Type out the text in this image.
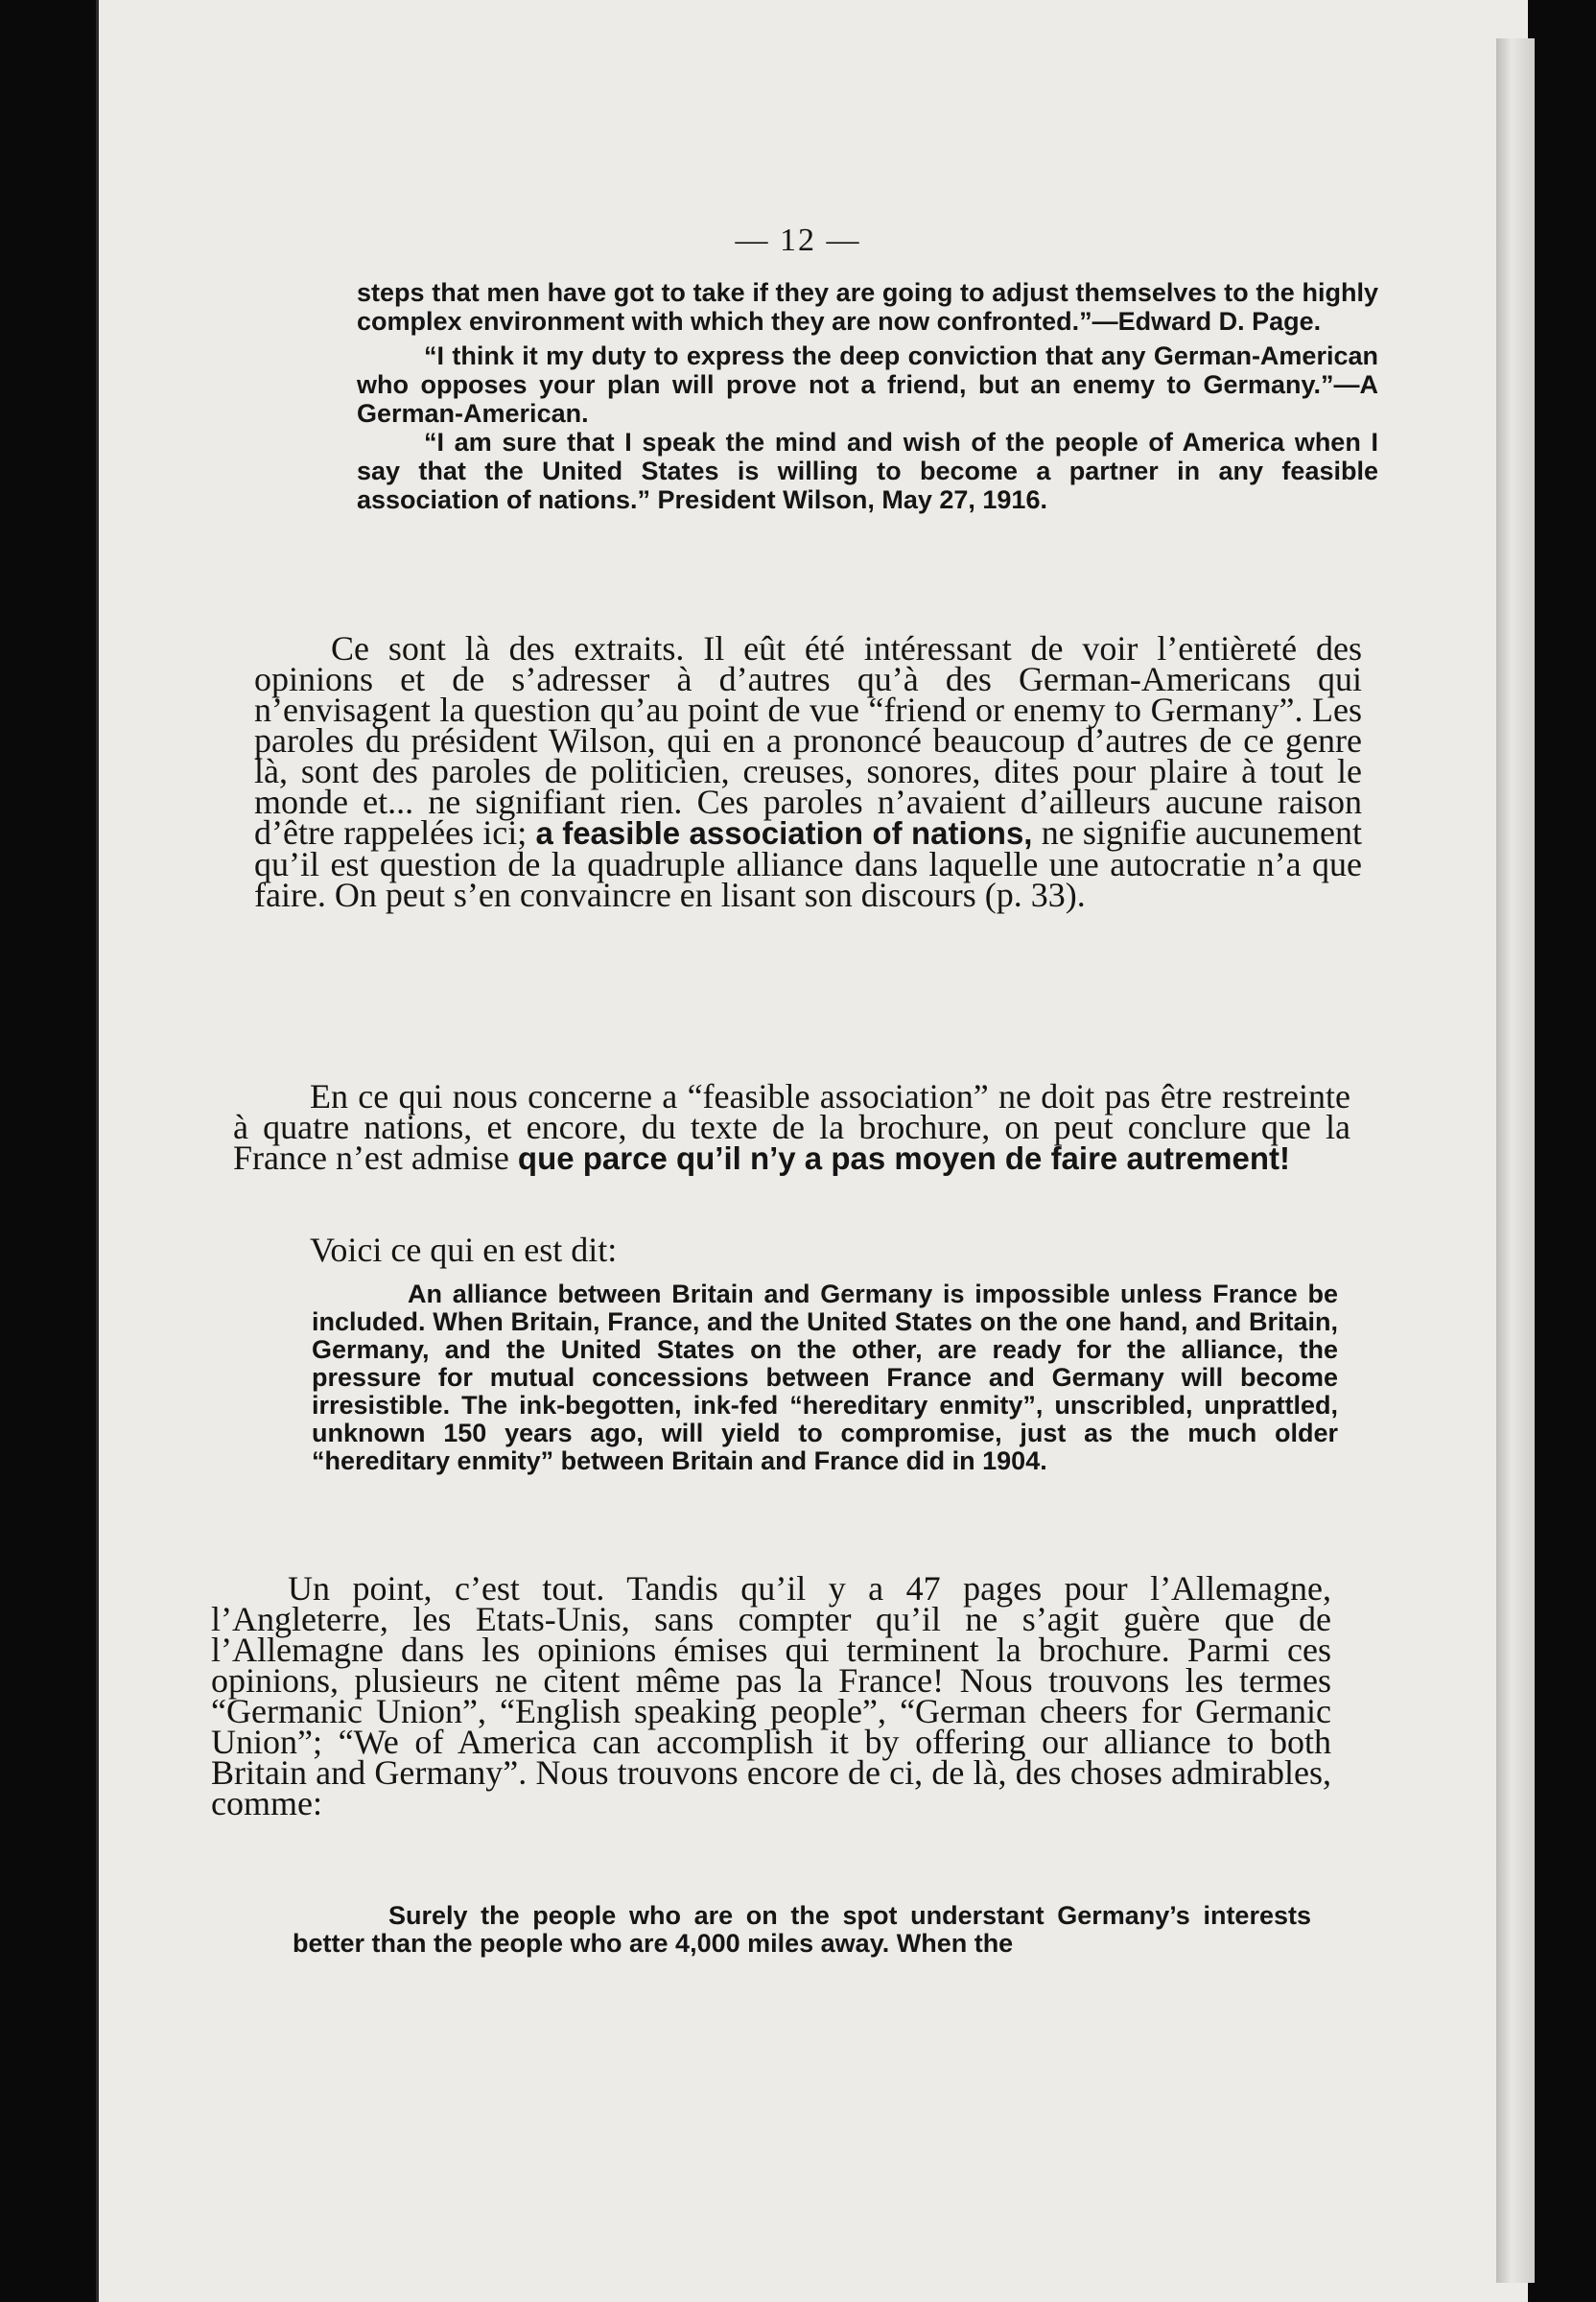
— 12 —

steps that men have got to take if they are going to adjust themselves to the highly complex environment with which they are now confronted.”—Edward D. Page.

“I think it my duty to express the deep conviction that any German-American who opposes your plan will prove not a friend, but an enemy to Germany.”—A German-American.

“I am sure that I speak the mind and wish of the people of America when I say that the United States is willing to become a partner in any feasible association of nations.” President Wilson, May 27, 1916.

Ce sont là des extraits. Il eût été intéressant de voir l’entièreté des opinions et de s’adresser à d’autres qu’à des German-Americans qui n’envisagent la question qu’au point de vue “friend or enemy to Germany”. Les paroles du président Wilson, qui en a prononcé beaucoup d’autres de ce genre là, sont des paroles de politicien, creuses, sonores, dites pour plaire à tout le monde et... ne signifiant rien. Ces paroles n’avaient d’ailleurs aucune raison d’être rappelées ici; a feasible association of nations, ne signifie aucunement qu’il est question de la quadruple alliance dans laquelle une autocratie n’a que faire. On peut s’en convaincre en lisant son discours (p. 33).

En ce qui nous concerne a “feasible association” ne doit pas être restreinte à quatre nations, et encore, du texte de la brochure, on peut conclure que la France n’est admise que parce qu’il n’y a pas moyen de faire autrement!

Voici ce qui en est dit:

An alliance between Britain and Germany is impossible unless France be included. When Britain, France, and the United States on the one hand, and Britain, Germany, and the United States on the other, are ready for the alliance, the pressure for mutual concessions between France and Germany will become irresistible. The ink-begotten, ink-fed “hereditary enmity”, unscribled, unprattled, unknown 150 years ago, will yield to compromise, just as the much older “hereditary enmity” between Britain and France did in 1904.

Un point, c’est tout. Tandis qu’il y a 47 pages pour l’Allemagne, l’Angleterre, les Etats-Unis, sans compter qu’il ne s’agit guère que de l’Allemagne dans les opinions émises qui terminent la brochure. Parmi ces opinions, plusieurs ne citent même pas la France! Nous trouvons les termes “Germanic Union”, “English speaking people”, “German cheers for Germanic Union”; “We of America can accomplish it by offering our alliance to both Britain and Germany”. Nous trouvons encore de ci, de là, des choses admirables, comme:

Surely the people who are on the spot understant Germany’s interests better than the people who are 4,000 miles away. When the
